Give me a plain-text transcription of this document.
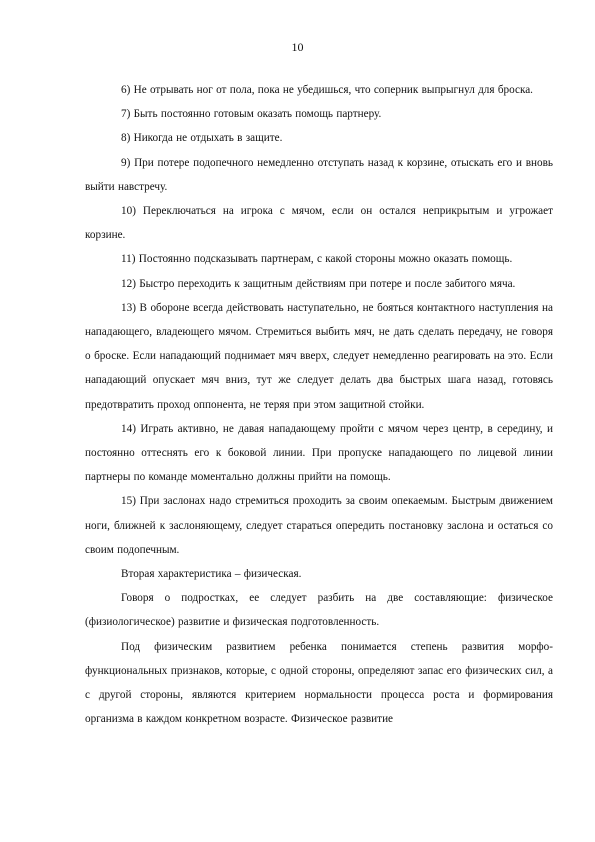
10

6) Не отрывать ног от пола, пока не убедишься, что соперник выпрыгнул для броска.

7) Быть постоянно готовым оказать помощь партнеру.

8) Никогда не отдыхать в защите.

9) При потере подопечного немедленно отступать назад к корзине, отыскать его и вновь выйти навстречу.

10) Переключаться на игрока с мячом, если он остался неприкрытым и угрожает корзине.

11) Постоянно подсказывать партнерам, с какой стороны можно оказать помощь.

12) Быстро переходить к защитным действиям при потере и после забитого мяча.

13) В обороне всегда действовать наступательно, не бояться контактного наступления на нападающего, владеющего мячом. Стремиться выбить мяч, не дать сделать передачу, не говоря о броске. Если нападающий поднимает мяч вверх, следует немедленно реагировать на это. Если нападающий опускает мяч вниз, тут же следует делать два быстрых шага назад, готовясь предотвратить проход оппонента, не теряя при этом защитной стойки.

14) Играть активно, не давая нападающему пройти с мячом через центр, в середину, и постоянно оттеснять его к боковой линии. При пропуске нападающего по лицевой линии партнеры по команде моментально должны прийти на помощь.

15) При заслонах надо стремиться проходить за своим опекаемым. Быстрым движением ноги, ближней к заслоняющему, следует стараться опередить постановку заслона и остаться со своим подопечным.

Вторая характеристика – физическая.

Говоря о подростках, ее следует разбить на две составляющие: физическое (физиологическое) развитие и физическая подготовленность.

Под физическим развитием ребенка понимается степень развития морфо-функциональных признаков, которые, с одной стороны, определяют запас его физических сил, а с другой стороны, являются критерием нормальности процесса роста и формирования организма в каждом конкретном возрасте. Физическое развитие
